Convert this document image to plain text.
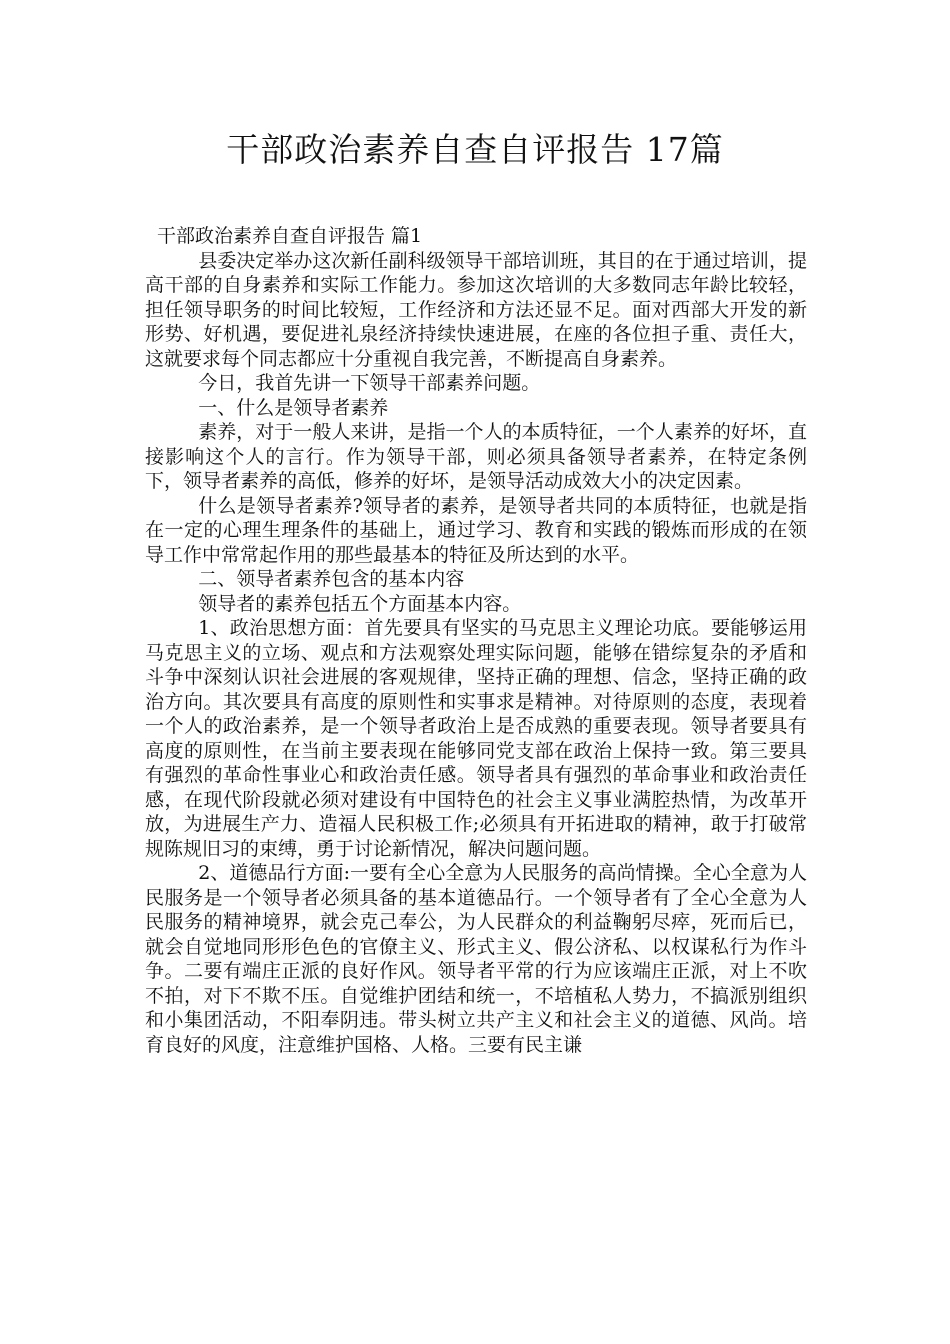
干部政治素养自查自评报告 17篇
干部政治素养自查自评报告 篇1

县委决定举办这次新任副科级领导干部培训班，其目的在于通过培训，提高干部的自身素养和实际工作能力。参加这次培训的大多数同志年龄比较轻，担任领导职务的时间比较短，工作经济和方法还显不足。面对西部大开发的新形势、好机遇，要促进礼泉经济持续快速进展，在座的各位担子重、责任大，这就要求每个同志都应十分重视自我完善，不断提高自身素养。

今日，我首先讲一下领导干部素养问题。

一、什么是领导者素养

素养，对于一般人来讲，是指一个人的本质特征，一个人素养的好坏，直接影响这个人的言行。作为领导干部，则必须具备领导者素养，在特定条例下，领导者素养的高低，修养的好坏，是领导活动成效大小的决定因素。

什么是领导者素养?领导者的素养，是领导者共同的本质特征，也就是指在一定的心理生理条件的基础上，通过学习、教育和实践的锻炼而形成的在领导工作中常常起作用的那些最基本的特征及所达到的水平。

二、领导者素养包含的基本内容

领导者的素养包括五个方面基本内容。

1、政治思想方面：首先要具有坚实的马克思主义理论功底。要能够运用马克思主义的立场、观点和方法观察处理实际问题，能够在错综复杂的矛盾和斗争中深刻认识社会进展的客观规律，坚持正确的理想、信念，坚持正确的政治方向。其次要具有高度的原则性和实事求是精神。对待原则的态度，表现着一个人的政治素养，是一个领导者政治上是否成熟的重要表现。领导者要具有高度的原则性，在当前主要表现在能够同党支部在政治上保持一致。第三要具有强烈的革命性事业心和政治责任感。领导者具有强烈的革命事业和政治责任感，在现代阶段就必须对建设有中国特色的社会主义事业满腔热情，为改革开放，为进展生产力、造福人民积极工作;必须具有开拓进取的精神，敢于打破常规陈规旧习的束缚，勇于讨论新情况，解决问题问题。

2、道德品行方面:一要有全心全意为人民服务的高尚情操。全心全意为人民服务是一个领导者必须具备的基本道德品行。一个领导者有了全心全意为人民服务的精神境界，就会克己奉公，为人民群众的利益鞠躬尽瘁，死而后已，就会自觉地同形形色色的官僚主义、形式主义、假公济私、以权谋私行为作斗争。二要有端庄正派的良好作风。领导者平常的行为应该端庄正派，对上不吹不拍，对下不欺不压。自觉维护团结和统一，不培植私人势力，不搞派别组织和小集团活动，不阳奉阴违。带头树立共产主义和社会主义的道德、风尚。培育良好的风度，注意维护国格、人格。三要有民主谦
